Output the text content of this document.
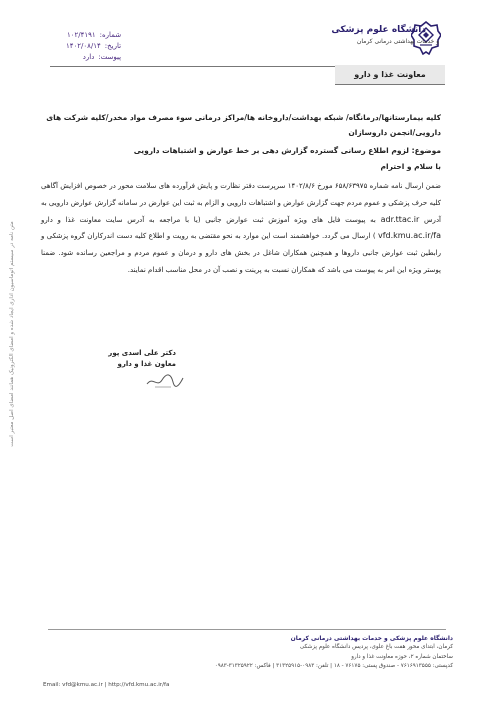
شماره:
۱۰۲/۴۱۹۱
تاریخ:
۱۴۰۲/۰۸/۱۴
پیوست:
دارد
دانشگاه علوم پزشکی
و خدمات بهداشتی درمانی کرمان
معاونت غذا و دارو
متن نامه در سیستم اتوماسیون اداری ایجاد شده و امضای الکترونیک همانند امضای اصل معتبر است
کلیه بیمارستانها/درمانگاه/ شبکه بهداشت/داروخانه ها/مراکز درمانی سوء مصرف مواد مخدر/کلیه شرکت های دارویی/انجمن داروسازان
موضوع: لزوم اطلاع رسانی گسترده گزارش دهی بر خط عوارض و اشتباهات دارویی
با سلام و احترام
ضمن ارسال نامه شماره ۶۵۸/۶۳۹۷۵ مورخ ۱۴۰۲/۸/۶ سرپرست دفتر نظارت و پایش فرآورده های سلامت محور در خصوص افزایش آگاهی کلیه حرف پزشکی و عموم مردم جهت گزارش عوارض و اشتباهات دارویی و الزام به ثبت این عوارض در سامانه گزارش عوارض دارویی به آدرس adr.ttac.ir به پیوست فایل های ویژه آموزش ثبت عوارض جانبی (یا با مراجعه به آدرس سایت معاونت غذا و دارو vfd.kmu.ac.ir/fa ) ارسال می گردد. خواهشمند است این موارد به نحو مقتضی به رویت و اطلاع کلیه دست اندرکاران گروه پزشکی و رابطین ثبت عوارض جانبی داروها و همچنین همکاران شاغل در بخش های دارو و درمان و عموم مردم و مراجعین رسانده شود. ضمنا پوستر ویژه این امر به پیوست می باشد که همکاران نسبت به پرینت و نصب آن در محل مناسب اقدام نمایند.
دکتر علی اسدی پور
معاون غذا و دارو
دانشگاه علوم پزشکی و خدمات بهداشتی درمانی کرمان
کرمان، ابتدای محور هفت باغ علوی، پردیس دانشگاه علوم پزشکی
ساختمان شماره ۲، حوزه معاونت غذا و دارو
کدپستی: ۷۶۱۶۹۱۳۵۵۵ - صندوق پستی: ۷۶۱۷۵ - ۱۸ | تلفن: ۰۹۸۳-۳۱۳۲۵۹۱۵ | فاکس: ۳۱۳۲۵۹۲۲-۰۹۸۳
Email: vfd@kmu.ac.ir | http://vfd.kmu.ac.ir/fa
